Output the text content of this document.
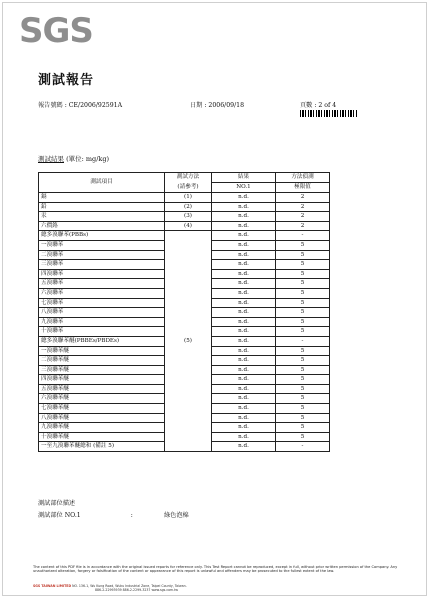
SGS
測試報告
報告號碼 : CE/2006/92591A	日期 : 2006/09/18	頁數 : 2 of 4
測試結果 (單位: mg/kg)
測試項目	測試方法	結果	方法偵測
	(請參考)	NO.1	極限值
鎘	(1)	n.d.	2
鉛	(2)	n.d.	2
汞	(3)	n.d.	2
六價鉻	(4)	n.d.	2
總多溴聯苯(PBBs)		n.d.	-
一溴聯苯		n.d.	5
二溴聯苯		n.d.	5
三溴聯苯		n.d.	5
四溴聯苯		n.d.	5
五溴聯苯		n.d.	5
六溴聯苯		n.d.	5
七溴聯苯		n.d.	5
八溴聯苯		n.d.	5
九溴聯苯		n.d.	5
十溴聯苯		n.d.	5
總多溴聯苯醚(PBBEs/PBDEs)	(5)	n.d.	-
一溴聯苯醚		n.d.	5
二溴聯苯醚		n.d.	5
三溴聯苯醚		n.d.	5
四溴聯苯醚		n.d.	5
五溴聯苯醚		n.d.	5
六溴聯苯醚		n.d.	5
七溴聯苯醚		n.d.	5
八溴聯苯醚		n.d.	5
九溴聯苯醚		n.d.	5
十溴聯苯醚		n.d.	5
一至九溴聯苯醚總和 (備註 5)		n.d.	-
測試部位描述
測試部位 NO.1	:	綠色泡棉
The content of this PDF file is in accordance with the original issued reports for reference only. This Test Report cannot be reproduced, except in full, without prior written permission of the Company. Any unauthorized alteration, forgery or falsification of the content or appearance of this report is unlawful and offenders may be prosecuted to the fullest extent of the law.
SGS TAIWAN LIMITED NO. 136-1, Wu Kung Road, Wuku Industrial Zone, Taipei County, Taiwan.
886-2-22993939 886-2-2299-3237 www.sgs.com.tw
